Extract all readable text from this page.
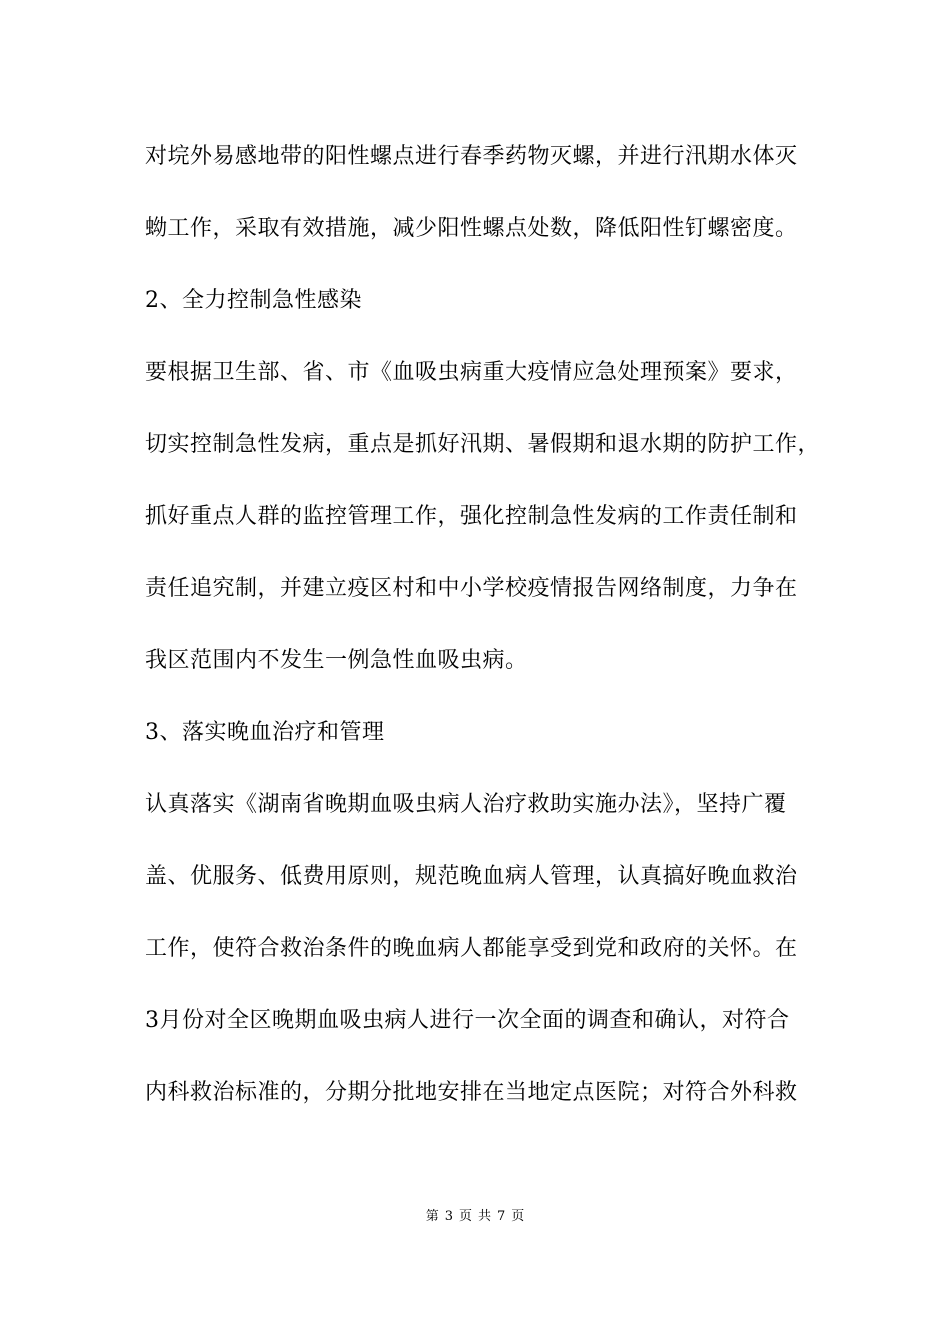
对垸外易感地带的阳性螺点进行春季药物灭螺，并进行汛期水体灭
蚴工作，采取有效措施，减少阳性螺点处数，降低阳性钉螺密度。
2、全力控制急性感染
要根据卫生部、省、市《血吸虫病重大疫情应急处理预案》要求，
切实控制急性发病，重点是抓好汛期、暑假期和退水期的防护工作，
抓好重点人群的监控管理工作，强化控制急性发病的工作责任制和
责任追究制，并建立疫区村和中小学校疫情报告网络制度，力争在
我区范围内不发生一例急性血吸虫病。
3、落实晚血治疗和管理
认真落实《湖南省晚期血吸虫病人治疗救助实施办法》，坚持广覆
盖、优服务、低费用原则，规范晚血病人管理，认真搞好晚血救治
工作，使符合救治条件的晚血病人都能享受到党和政府的关怀。在
3月份对全区晚期血吸虫病人进行一次全面的调查和确认，对符合
内科救治标准的，分期分批地安排在当地定点医院；对符合外科救
第 3 页 共 7 页
